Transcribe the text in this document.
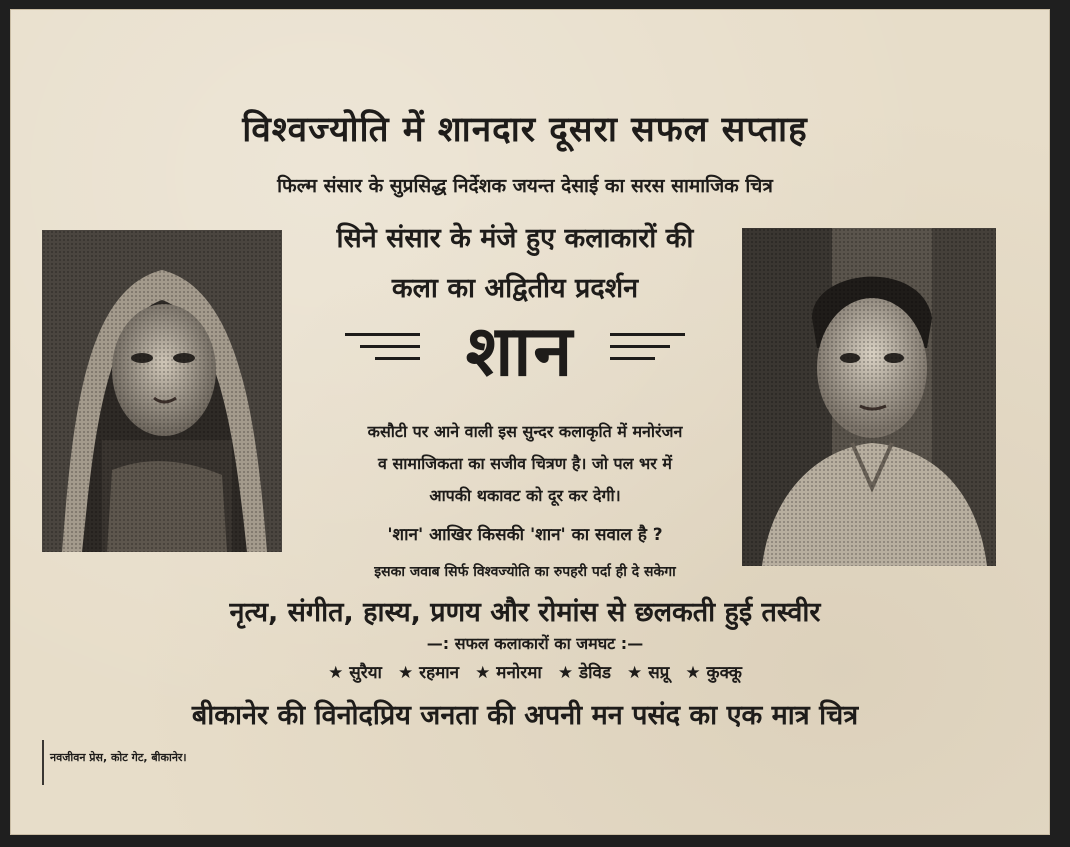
विश्वज्योति में शानदार दूसरा सफल सप्ताह
फिल्म संसार के सुप्रसिद्ध निर्देशक जयन्त देसाई का सरस सामाजिक चित्र
सिने संसार के मंजे हुए कलाकारों की
कला का अद्वितीय प्रदर्शन
शान
कसौटी पर आने वाली इस सुन्दर कलाकृति में मनोरंजन
व सामाजिकता का सजीव चित्रण है। जो पल भर में
आपकी थकावट को दूर कर देगी।
'शान' आखिर किसकी 'शान' का सवाल है ?
इसका जवाब सिर्फ विश्वज्योति का रुपहरी पर्दा ही दे सकेगा
नृत्य, संगीत, हास्य, प्रणय और रोमांस से छलकती हुई तस्वीर
—: सफल कलाकारों का जमघट :—
★ सुरैया ★ रहमान ★ मनोरमा ★ डेविड ★ सप्रू ★ कुक्कू
बीकानेर की विनोदप्रिय जनता की अपनी मन पसंद का एक मात्र चित्र
नवजीवन प्रेस, कोट गेट, बीकानेर।
